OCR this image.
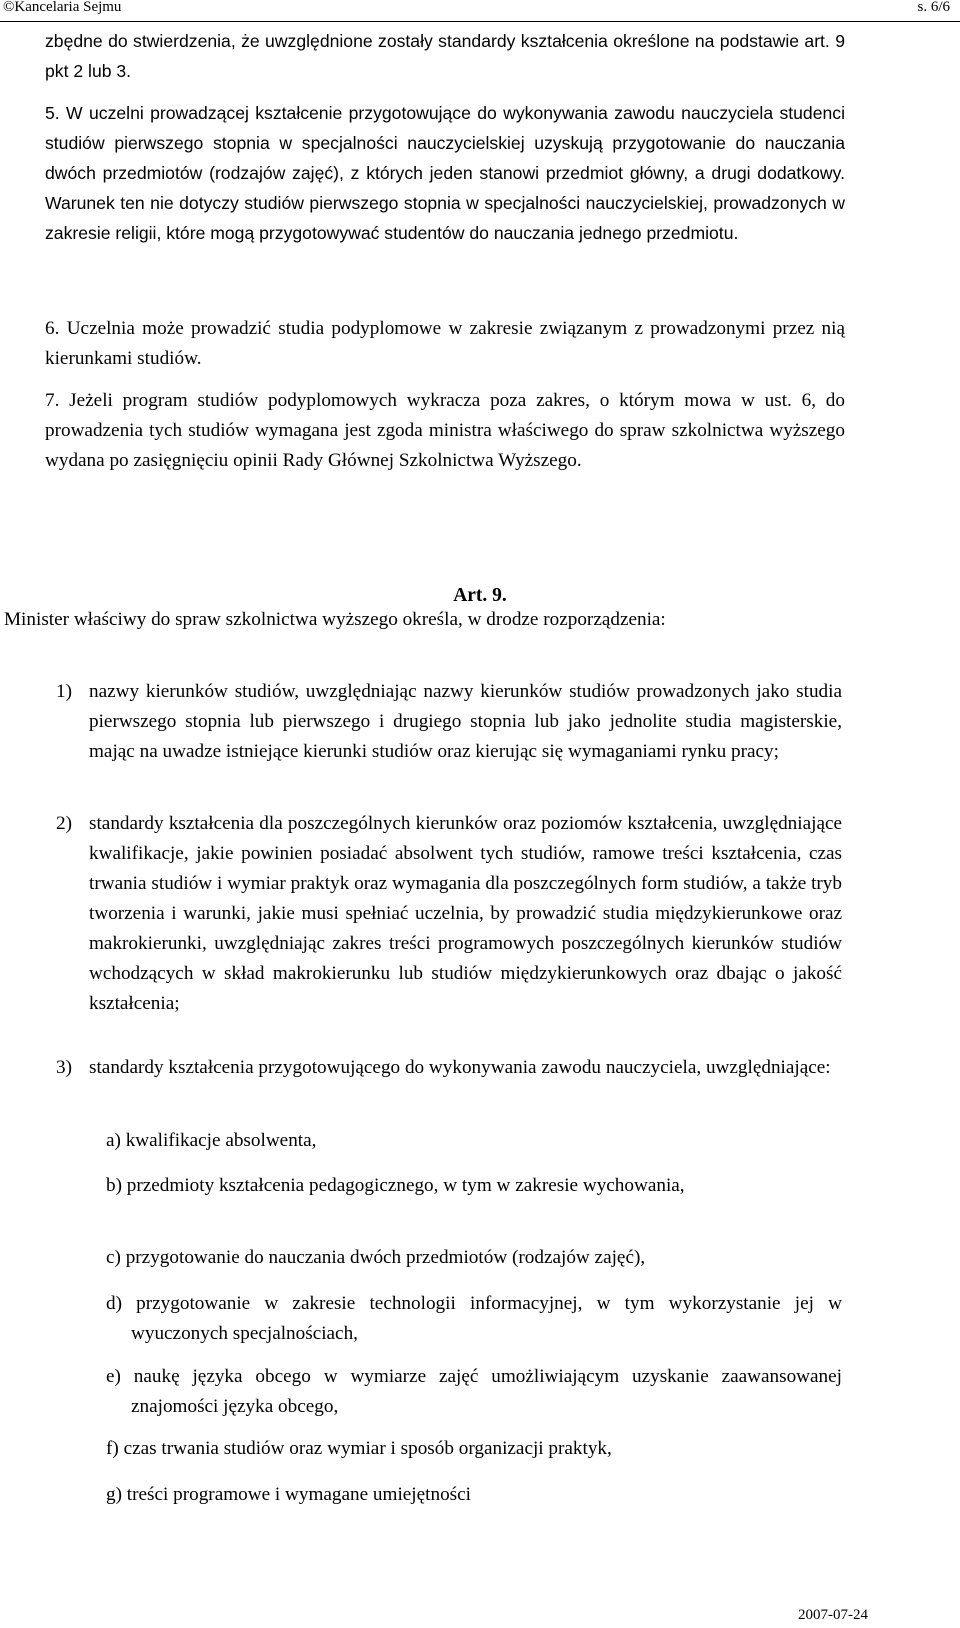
©Kancelaria Sejmu	s. 6/6

zbędne do stwierdzenia, że uwzględnione zostały standardy kształcenia określone na podstawie art. 9 pkt 2 lub 3.

5. W uczelni prowadzącej kształcenie przygotowujące do wykonywania zawodu nauczyciela studenci studiów pierwszego stopnia w specjalności nauczycielskiej uzyskują przygotowanie do nauczania dwóch przedmiotów (rodzajów zajęć), z których jeden stanowi przedmiot główny, a drugi dodatkowy. Warunek ten nie dotyczy studiów pierwszego stopnia w specjalności nauczycielskiej, prowadzonych w zakresie religii, które mogą przygotowywać studentów do nauczania jednego przedmiotu.

6. Uczelnia może prowadzić studia podyplomowe w zakresie związanym z prowadzonymi przez nią kierunkami studiów.

7. Jeżeli program studiów podyplomowych wykracza poza zakres, o którym mowa w ust. 6, do prowadzenia tych studiów wymagana jest zgoda ministra właściwego do spraw szkolnictwa wyższego wydana po zasięgnięciu opinii Rady Głównej Szkolnictwa Wyższego.

Art. 9.

Minister właściwy do spraw szkolnictwa wyższego określa, w drodze rozporządzenia:

1) nazwy kierunków studiów, uwzględniając nazwy kierunków studiów prowadzonych jako studia pierwszego stopnia lub pierwszego i drugiego stopnia lub jako jednolite studia magisterskie, mając na uwadze istniejące kierunki studiów oraz kierując się wymaganiami rynku pracy;
2) standardy kształcenia dla poszczególnych kierunków oraz poziomów kształcenia, uwzględniające kwalifikacje, jakie powinien posiadać absolwent tych studiów, ramowe treści kształcenia, czas trwania studiów i wymiar praktyk oraz wymagania dla poszczególnych form studiów, a także tryb tworzenia i warunki, jakie musi spełniać uczelnia, by prowadzić studia międzykierunkowe oraz makrokierunki, uwzględniając zakres treści programowych poszczególnych kierunków studiów wchodzących w skład makrokierunku lub studiów międzykierunkowych oraz dbając o jakość kształcenia;
3) standardy kształcenia przygotowującego do wykonywania zawodu nauczyciela, uwzględniające:
a) kwalifikacje absolwenta,
b) przedmioty kształcenia pedagogicznego, w tym w zakresie wychowania,
c) przygotowanie do nauczania dwóch przedmiotów (rodzajów zajęć),
d) przygotowanie w zakresie technologii informacyjnej, w tym wykorzystanie jej w wyuczonych specjalnościach,
e) naukę języka obcego w wymiarze zajęć umożliwiającym uzyskanie zaawansowanej znajomości języka obcego,
f) czas trwania studiów oraz wymiar i sposób organizacji praktyk,
g) treści programowe i wymagane umiejętności
2007-07-24
